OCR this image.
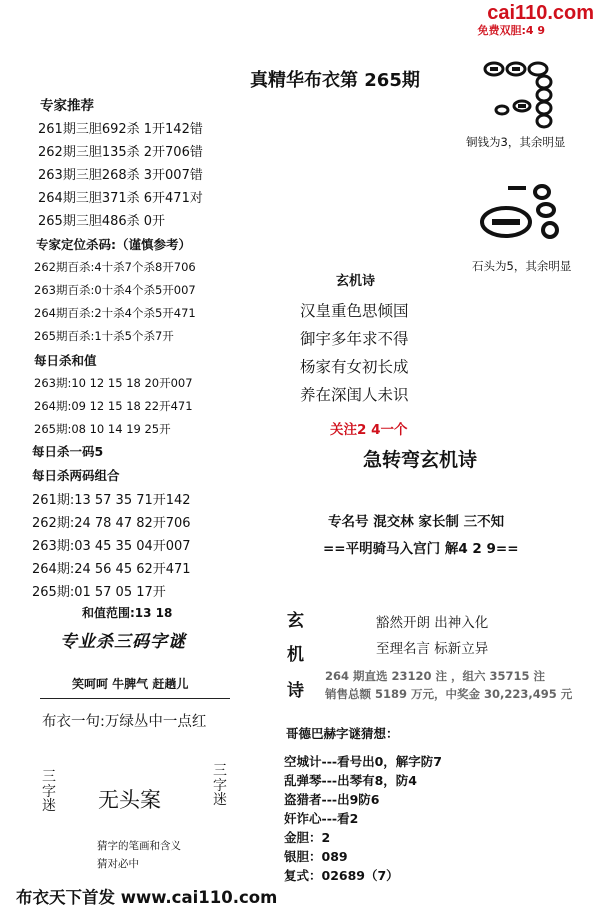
cai110.com
免费双胆:4 9
真精华布衣第 265期
专家推荐
261期三胆692杀 1开142错
262期三胆135杀 2开706错
263期三胆268杀 3开007错
264期三胆371杀 6开471对
265期三胆486杀 0开
专家定位杀码:（谨慎参考）
262期百杀:4十杀7个杀8开706
263期百杀:0十杀4个杀5开007
264期百杀:2十杀4个杀5开471
265期百杀:1十杀5个杀7开
每日杀和值
263期:10 12 15 18 20开007
264期:09 12 15 18 22开471
265期:08 10 14 19 25开
每日杀一码5
每日杀两码组合
261期:13 57 35 71开142
262期:24 78 47 82开706
263期:03 45 35 04开007
264期:24 56 45 62开471
265期:01 57 05 17开
和值范围:13 18
专业杀三码字谜
笑呵呵 牛脾气 赶趟儿
布衣一句:万绿丛中一点红
三
字
迷
三
字
迷
无头案
猜字的笔画和含义
猜对必中
铜钱为3，其余明显
石头为5，其余明显
玄机诗
汉皇重色思倾国
御宇多年求不得
杨家有女初长成
养在深闺人未识
关注2 4一个
急转弯玄机诗
专名号 混交林 家长制 三不知
==平明骑马入宫门 解4 2 9==
玄
机
诗
豁然开朗 出神入化
至理名言 标新立异
264 期直选 23120 注 ，组六 35715 注
销售总额 5189 万元，中奖金 30,223,495 元
哥德巴赫字谜猜想：
空城计---看号出0，解字防7
乱弹琴---出琴有8，防4
盗猎者---出9防6
奸诈心---看2
金胆：2
银胆：089
复式：02689（7）
布衣天下首发 www.cai110.com
